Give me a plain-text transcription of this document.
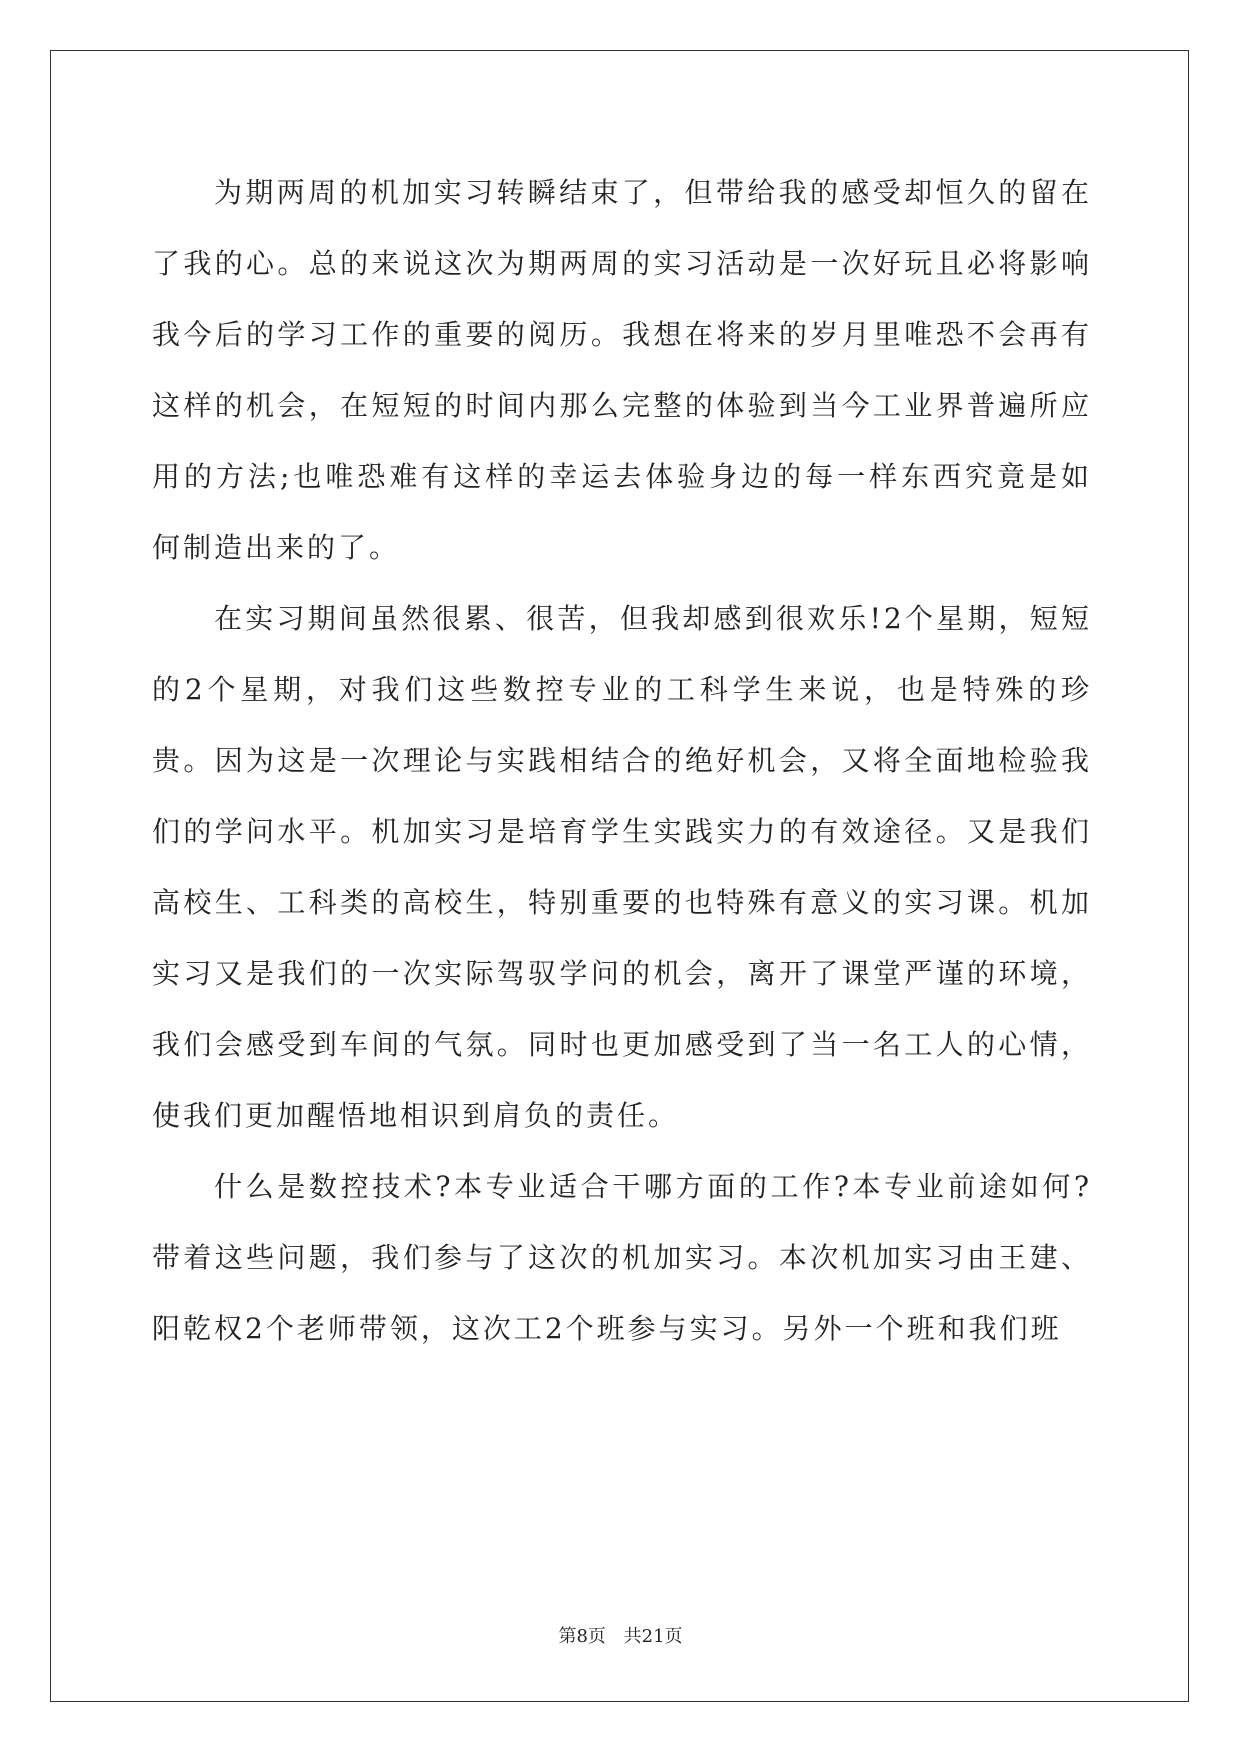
为期两周的机加实习转瞬结束了，但带给我的感受却恒久的留在了我的心。总的来说这次为期两周的实习活动是一次好玩且必将影响我今后的学习工作的重要的阅历。我想在将来的岁月里唯恐不会再有这样的机会，在短短的时间内那么完整的体验到当今工业界普遍所应用的方法;也唯恐难有这样的幸运去体验身边的每一样东西究竟是如何制造出来的了。

在实习期间虽然很累、很苦，但我却感到很欢乐!2个星期，短短的2个星期，对我们这些数控专业的工科学生来说，也是特殊的珍贵。因为这是一次理论与实践相结合的绝好机会，又将全面地检验我们的学问水平。机加实习是培育学生实践实力的有效途径。又是我们高校生、工科类的高校生，特别重要的也特殊有意义的实习课。机加实习又是我们的一次实际驾驭学问的机会，离开了课堂严谨的环境，我们会感受到车间的气氛。同时也更加感受到了当一名工人的心情，使我们更加醒悟地相识到肩负的责任。

什么是数控技术?本专业适合干哪方面的工作?本专业前途如何?带着这些问题，我们参与了这次的机加实习。本次机加实习由王建、阳乾权2个老师带领，这次工2个班参与实习。另外一个班和我们班

第8页 共21页
